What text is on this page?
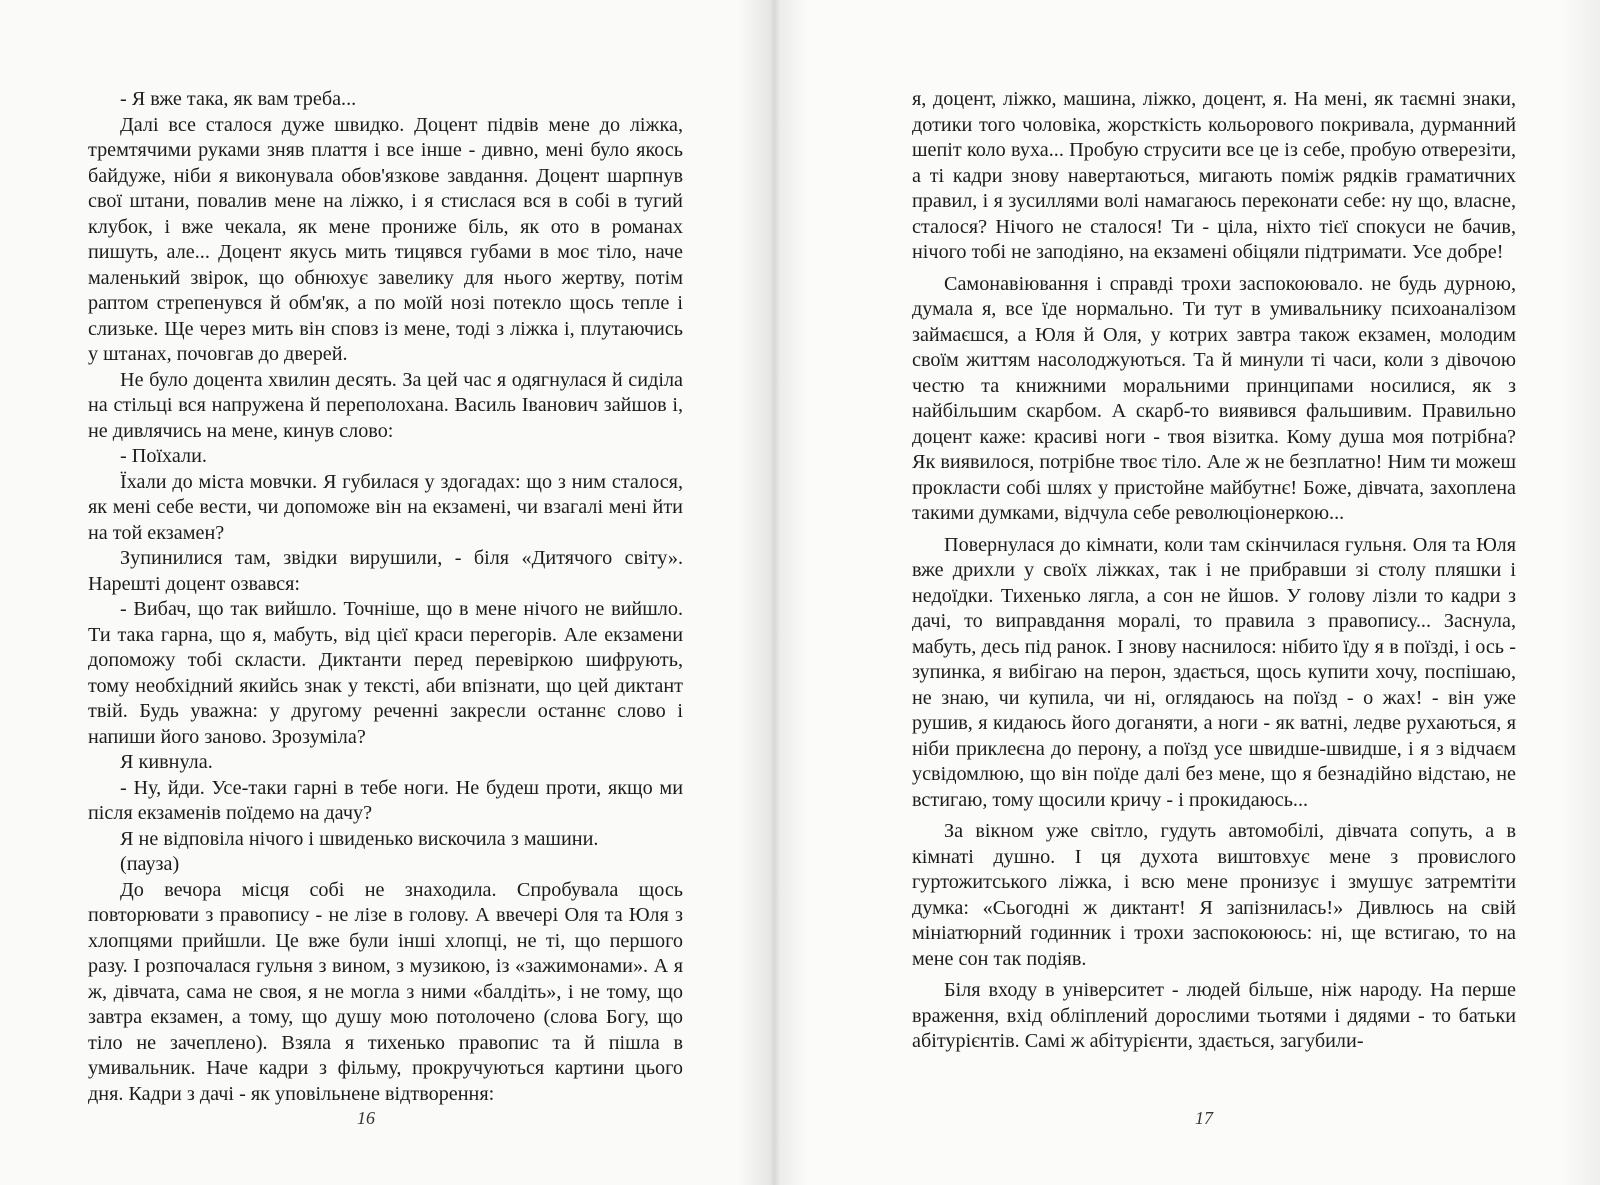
- Я вже така, як вам треба...

Далі все сталося дуже швидко. Доцент підвів мене до ліжка, тремтячими руками зняв плаття і все інше - дивно, мені було якось байдуже, ніби я виконувала обов'язкове завдання. Доцент шарпнув свої штани, повалив мене на ліжко, і я стислася вся в собі в тугий клубок, і вже чекала, як мене прониже біль, як ото в романах пишуть, але... Доцент якусь мить тицявся губами в моє тіло, наче маленький звірок, що обнюхує завелику для нього жертву, потім раптом стрепенувся й обм'як, а по моїй нозі потекло щось тепле і слизьке. Ще через мить він сповз із мене, тоді з ліжка і, плутаючись у штанах, почовгав до дверей.

Не було доцента хвилин десять. За цей час я одягнулася й сиділа на стільці вся напружена й переполохана. Василь Іванович зайшов і, не дивлячись на мене, кинув слово:

- Поїхали.

Їхали до міста мовчки. Я губилася у здогадах: що з ним сталося, як мені себе вести, чи допоможе він на екзамені, чи взагалі мені йти на той екзамен?

Зупинилися там, звідки вирушили, - біля «Дитячого світу». Нарешті доцент озвався:

- Вибач, що так вийшло. Точніше, що в мене нічого не вийшло. Ти така гарна, що я, мабуть, від цієї краси перегорів. Але екзамени допоможу тобі скласти. Диктанти перед перевіркою шифрують, тому необхідний якийсь знак у тексті, аби впізнати, що цей диктант твій. Будь уважна: у другому реченні закресли останнє слово і напиши його заново. Зрозуміла?

Я кивнула.

- Ну, йди. Усе-таки гарні в тебе ноги. Не будеш проти, якщо ми після екзаменів поїдемо на дачу?

Я не відповіла нічого і швиденько вискочила з машини.

(пауза)

До вечора місця собі не знаходила. Спробувала щось повторювати з правопису - не лізе в голову. А ввечері Оля та Юля з хлопцями прийшли. Це вже були інші хлопці, не ті, що першого разу. І розпочалася гульня з вином, з музикою, із «зажимонами». А я ж, дівчата, сама не своя, я не могла з ними «балдіть», і не тому, що завтра екзамен, а тому, що душу мою потолочено (слова Богу, що тіло не зачеплено). Взяла я тихенько правопис та й пішла в умивальник. Наче кадри з фільму, прокручуються картини цього дня. Кадри з дачі - як уповільнене відтворення:

16

я, доцент, ліжко, машина, ліжко, доцент, я. На мені, як таємні знаки, дотики того чоловіка, жорсткість кольорового покривала, дурманний шепіт коло вуха... Пробую струсити все це із себе, пробую отверезіти, а ті кадри знову навертаються, мигають поміж рядків граматичних правил, і я зусиллями волі намагаюсь переконати себе: ну що, власне, сталося? Нічого не сталося! Ти - ціла, ніхто тієї спокуси не бачив, нічого тобі не заподіяно, на екзамені обіцяли підтримати. Усе добре!

Самонавіювання і справді трохи заспокоювало. не будь дурною, думала я, все їде нормально. Ти тут в умивальнику психоаналізом займаєшся, а Юля й Оля, у котрих завтра також екзамен, молодим своїм життям насолоджуються. Та й минули ті часи, коли з дівочою честю та книжними моральними принципами носилися, як з найбільшим скарбом. А скарб-то виявився фальшивим. Правильно доцент каже: красиві ноги - твоя візитка. Кому душа моя потрібна? Як виявилося, потрібне твоє тіло. Але ж не безплатно! Ним ти можеш прокласти собі шлях у пристойне майбутнє! Боже, дівчата, захоплена такими думками, відчула себе революціонеркою...

Повернулася до кімнати, коли там скінчилася гульня. Оля та Юля вже дрихли у своїх ліжках, так і не прибравши зі столу пляшки і недоїдки. Тихенько лягла, а сон не йшов. У голову лізли то кадри з дачі, то виправдання моралі, то правила з правопису... Заснула, мабуть, десь під ранок. І знову наснилося: нібито їду я в поїзді, і ось - зупинка, я вибігаю на перон, здається, щось купити хочу, поспішаю, не знаю, чи купила, чи ні, оглядаюсь на поїзд - о жах! - він уже рушив, я кидаюсь його доганяти, а ноги - як ватні, ледве рухаються, я ніби приклеєна до перону, а поїзд усе швидше-швидше, і я з відчаєм усвідомлюю, що він поїде далі без мене, що я безнадійно відстаю, не встигаю, тому щосили кричу - і прокидаюсь...

За вікном уже світло, гудуть автомобілі, дівчата сопуть, а в кімнаті душно. І ця духота виштовхує мене з провислого гуртожитського ліжка, і всю мене пронизує і змушує затремтіти думка: «Сьогодні ж диктант! Я запізнилась!» Дивлюсь на свій мініатюрний годинник і трохи заспокоююсь: ні, ще встигаю, то на мене сон так подіяв.

Біля входу в університет - людей більше, ніж народу. На перше враження, вхід обліплений дорослими тьотями і дядями - то батьки абітурієнтів. Самі ж абітурієнти, здається, загубили-

17
